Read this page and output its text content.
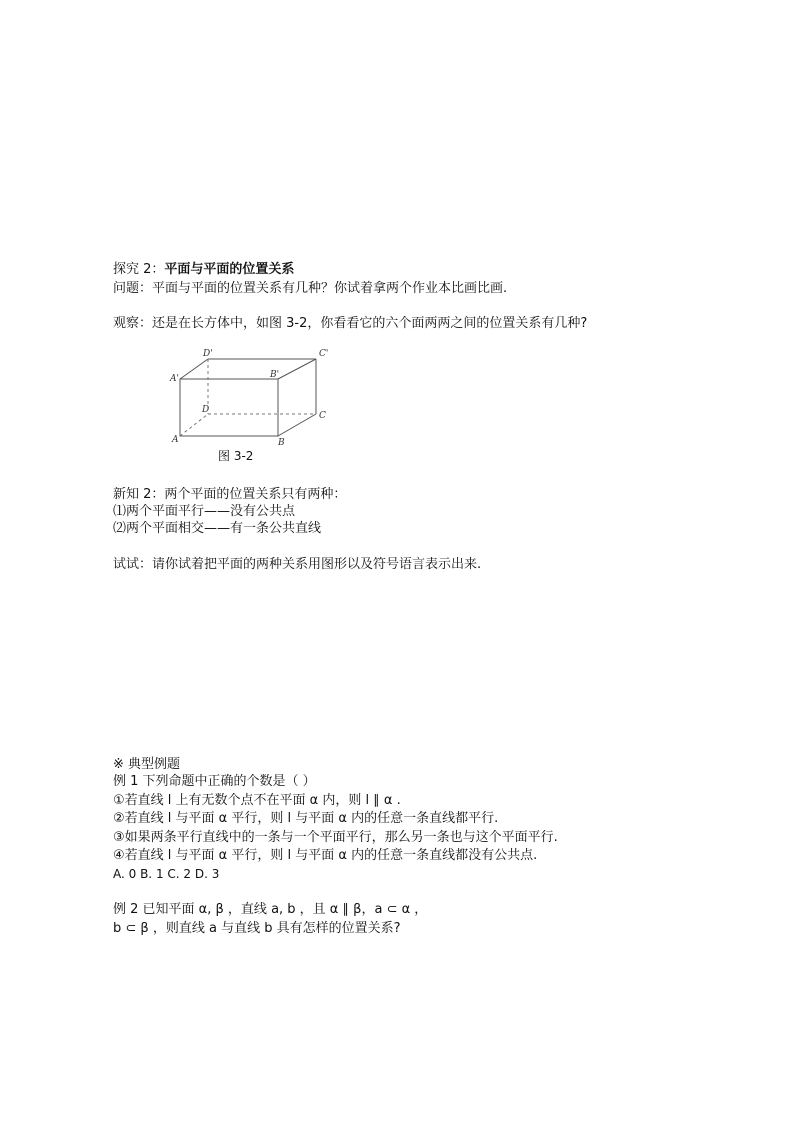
探究 2：平面与平面的位置关系
问题：平面与平面的位置关系有几种？你试着拿两个作业本比画比画.
观察：还是在长方体中，如图 3-2，你看看它的六个面两两之间的位置关系有几种?
D'	C'
A'	B'
D
C
A	B
图 3-2
新知 2：两个平面的位置关系只有两种：
⑴两个平面平行——没有公共点
⑵两个平面相交——有一条公共直线
试试：请你试着把平面的两种关系用图形以及符号语言表示出来.
※ 典型例题
例 1 下列命题中正确的个数是（ ）
①若直线 l 上有无数个点不在平面 α 内，则 l ∥ α .
②若直线 l 与平面 α 平行，则 l 与平面 α 内的任意一条直线都平行.
③如果两条平行直线中的一条与一个平面平行，那么另一条也与这个平面平行.
④若直线 l 与平面 α 平行，则 l 与平面 α 内的任意一条直线都没有公共点.
A. 0 B. 1 C. 2 D. 3
例 2 已知平面 α, β ，直线 a, b ，且 α ∥ β，a ⊂ α ，
b ⊂ β ，则直线 a 与直线 b 具有怎样的位置关系?
